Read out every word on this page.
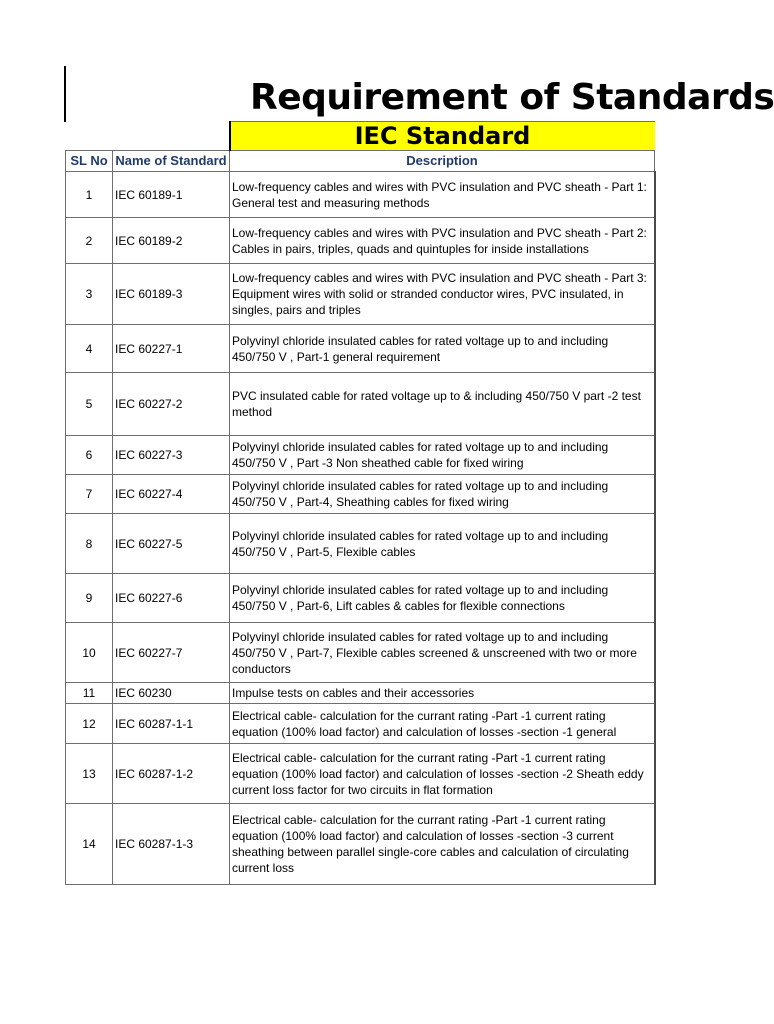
Requirement of Standards
		IEC Standard
SL No	Name of Standard	Description
1	IEC 60189-1	Low-frequency cables and wires with PVC insulation and PVC sheath - Part 1: General test and measuring methods
2	IEC 60189-2	Low-frequency cables and wires with PVC insulation and PVC sheath - Part 2: Cables in pairs, triples, quads and quintuples for inside installations
3	IEC 60189-3	Low-frequency cables and wires with PVC insulation and PVC sheath - Part 3: Equipment wires with solid or stranded conductor wires, PVC insulated, in singles, pairs and triples
4	IEC 60227-1	Polyvinyl chloride insulated cables for rated voltage up to and including 450/750 V , Part-1 general requirement
5	IEC 60227-2	PVC insulated cable for rated voltage up to & including 450/750 V part -2 test method
6	IEC 60227-3	Polyvinyl chloride insulated cables for rated voltage up to and including 450/750 V , Part -3 Non sheathed cable for fixed wiring
7	IEC 60227-4	Polyvinyl chloride insulated cables for rated voltage up to and including 450/750 V , Part-4, Sheathing cables for fixed wiring
8	IEC 60227-5	Polyvinyl chloride insulated cables for rated voltage up to and including 450/750 V , Part-5, Flexible cables
9	IEC 60227-6	Polyvinyl chloride insulated cables for rated voltage up to and including 450/750 V , Part-6, Lift cables & cables for flexible connections
10	IEC 60227-7	Polyvinyl chloride insulated cables for rated voltage up to and including 450/750 V , Part-7, Flexible cables screened & unscreened with two or more conductors
11	IEC 60230	Impulse tests on cables and their accessories
12	IEC 60287-1-1	Electrical cable- calculation for the currant rating -Part -1 current rating equation (100% load factor) and calculation of losses -section -1 general
13	IEC 60287-1-2	Electrical cable- calculation for the currant rating -Part -1 current rating equation (100% load factor) and calculation of losses -section -2 Sheath eddy current loss factor for two circuits in flat formation
14	IEC 60287-1-3	Electrical cable- calculation for the currant rating -Part -1 current rating equation (100% load factor) and calculation of losses -section -3 current sheathing between parallel single-core cables and calculation of circulating current loss
